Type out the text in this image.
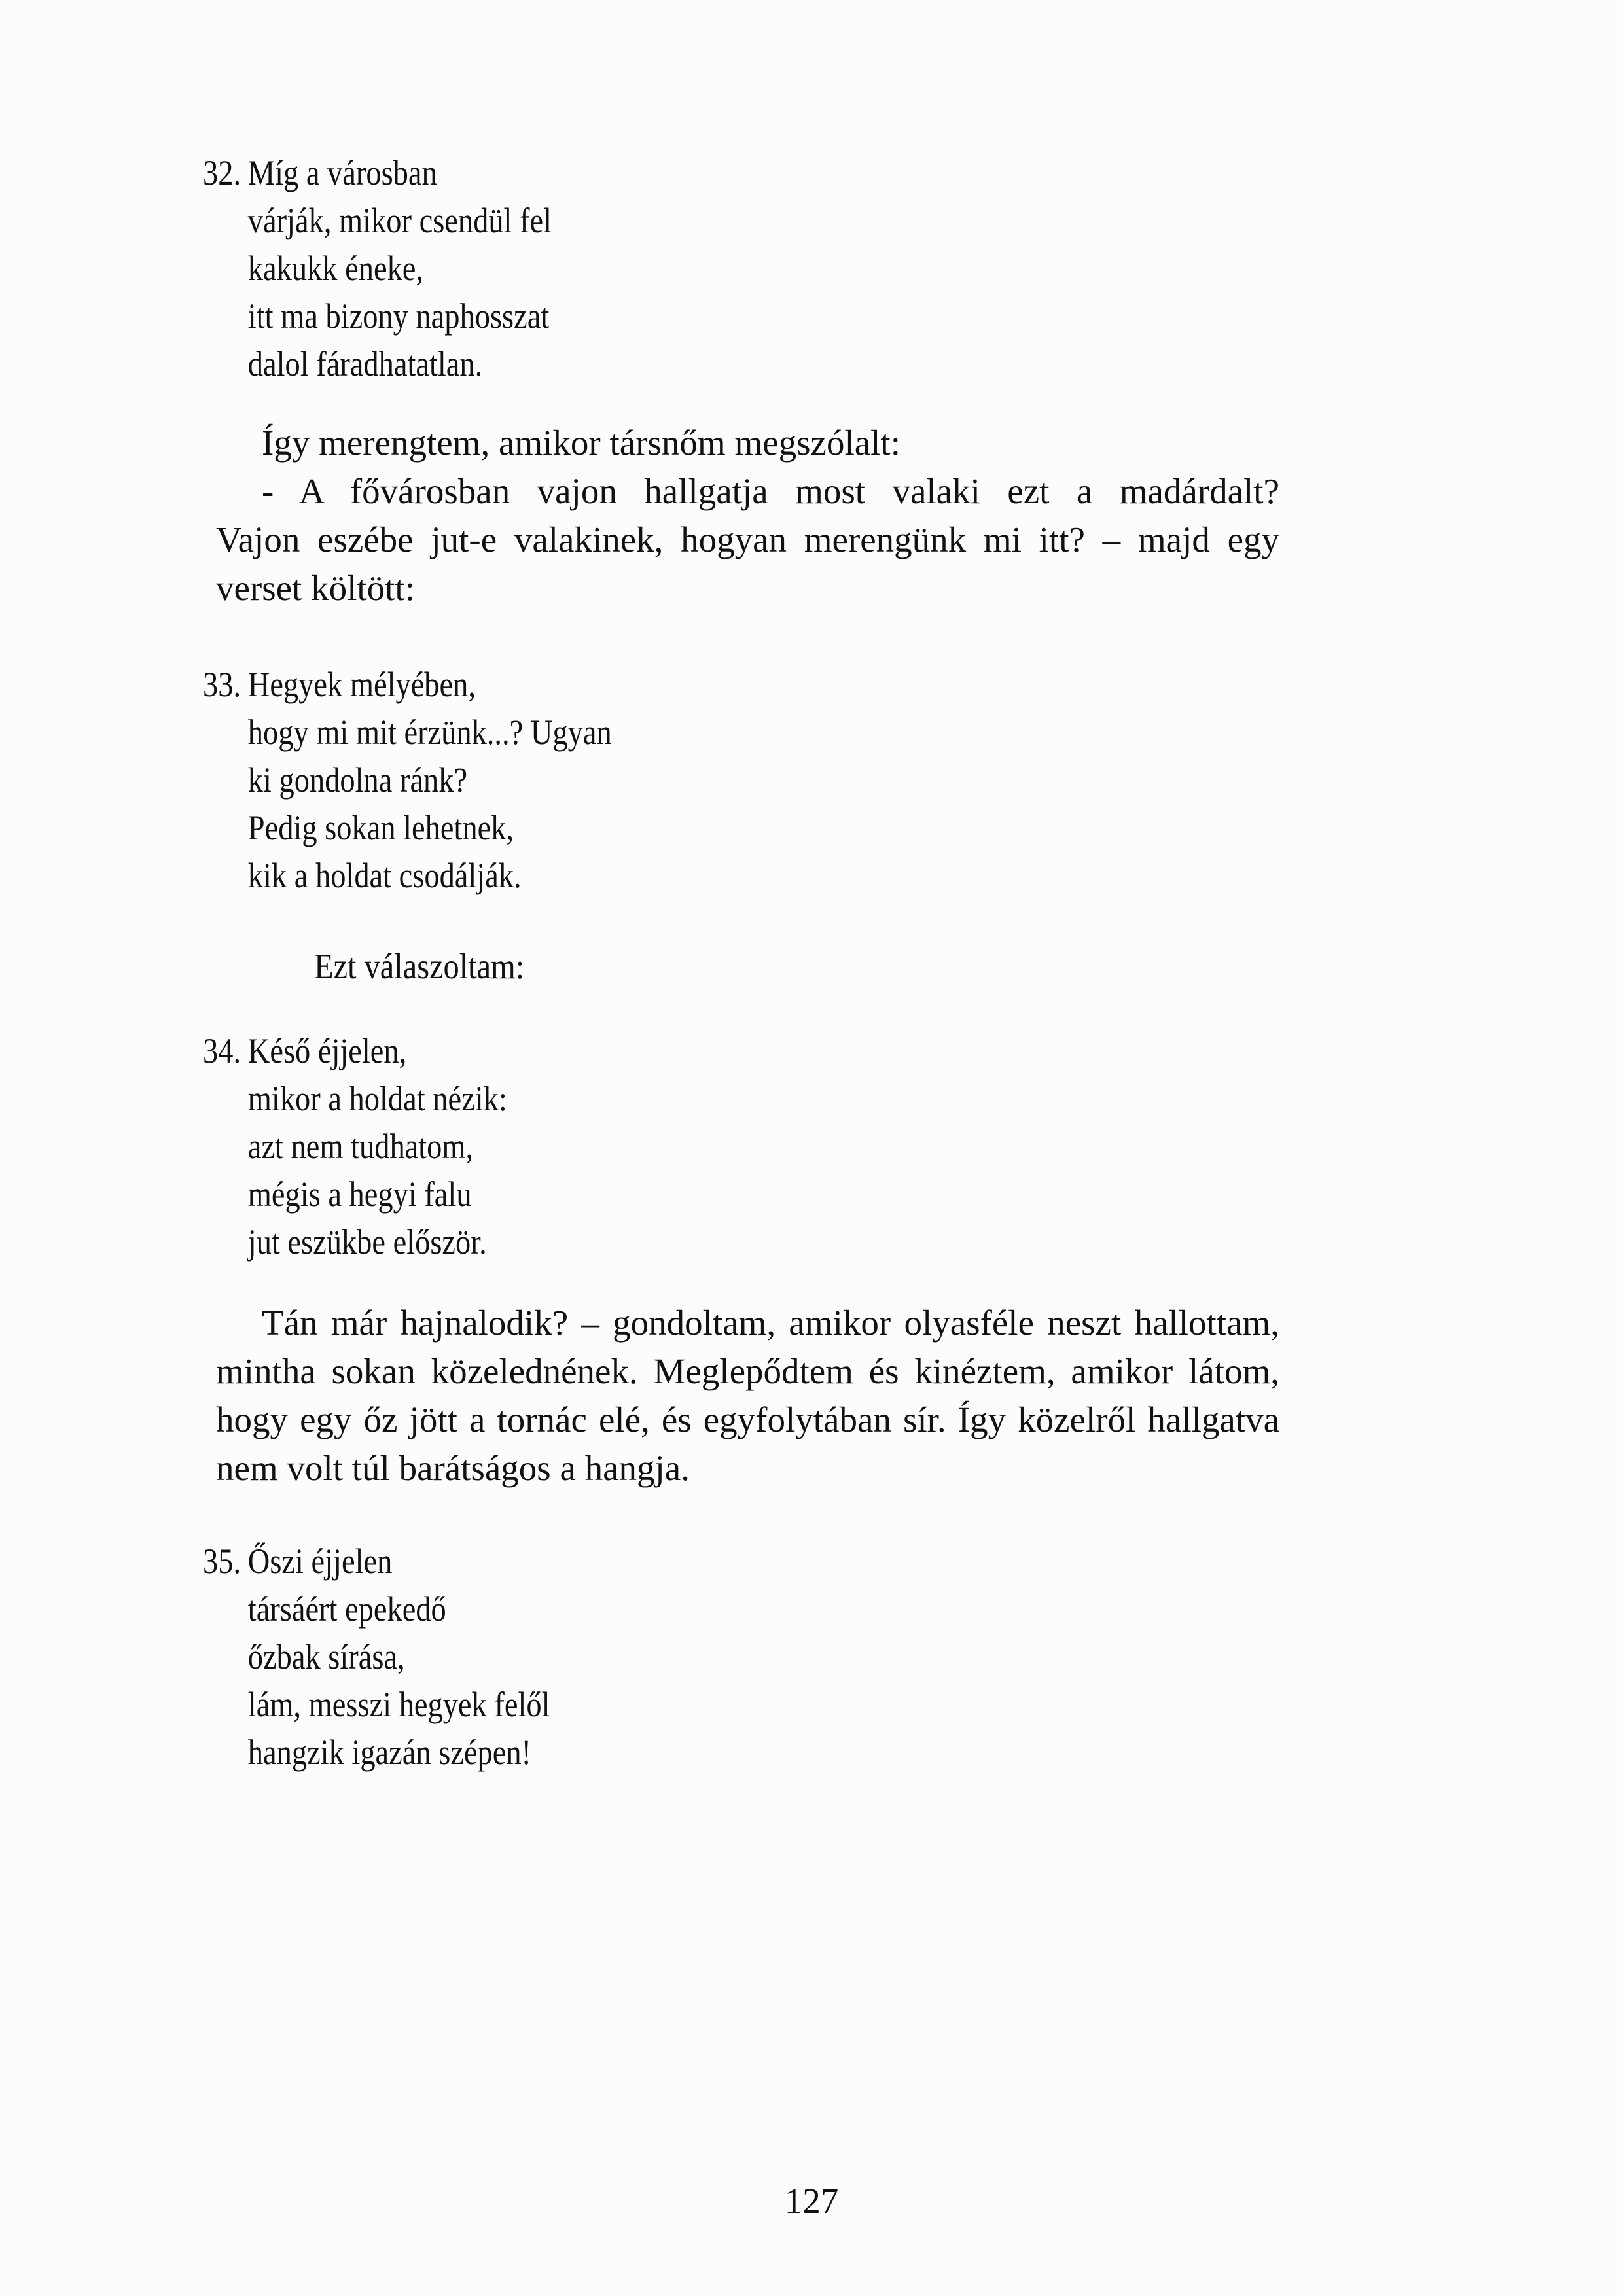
32. Míg a városban
várják, mikor csendül fel
kakukk éneke,
itt ma bizony naphosszat
dalol fáradhatatlan.
Így merengtem, amikor társnőm megszólalt:
- A fővárosban vajon hallgatja most valaki ezt a madárdalt?
Vajon eszébe jut-e valakinek, hogyan merengünk mi itt? – majd egy
verset költött:
33. Hegyek mélyében,
hogy mi mit érzünk...? Ugyan
ki gondolna ránk?
Pedig sokan lehetnek,
kik a holdat csodálják.
Ezt válaszoltam:
34. Késő éjjelen,
mikor a holdat nézik:
azt nem tudhatom,
mégis a hegyi falu
jut eszükbe először.

Tán már hajnalodik? – gondoltam, amikor olyasféle neszt hallottam, mintha sokan közelednének. Meglepődtem és kinéztem, amikor látom, hogy egy őz jött a tornác elé, és egyfolytában sír. Így közelről hallgatva nem volt túl barátságos a hangja.

35. Őszi éjjelen
társáért epekedő
őzbak sírása,
lám, messzi hegyek felől
hangzik igazán szépen!
127
